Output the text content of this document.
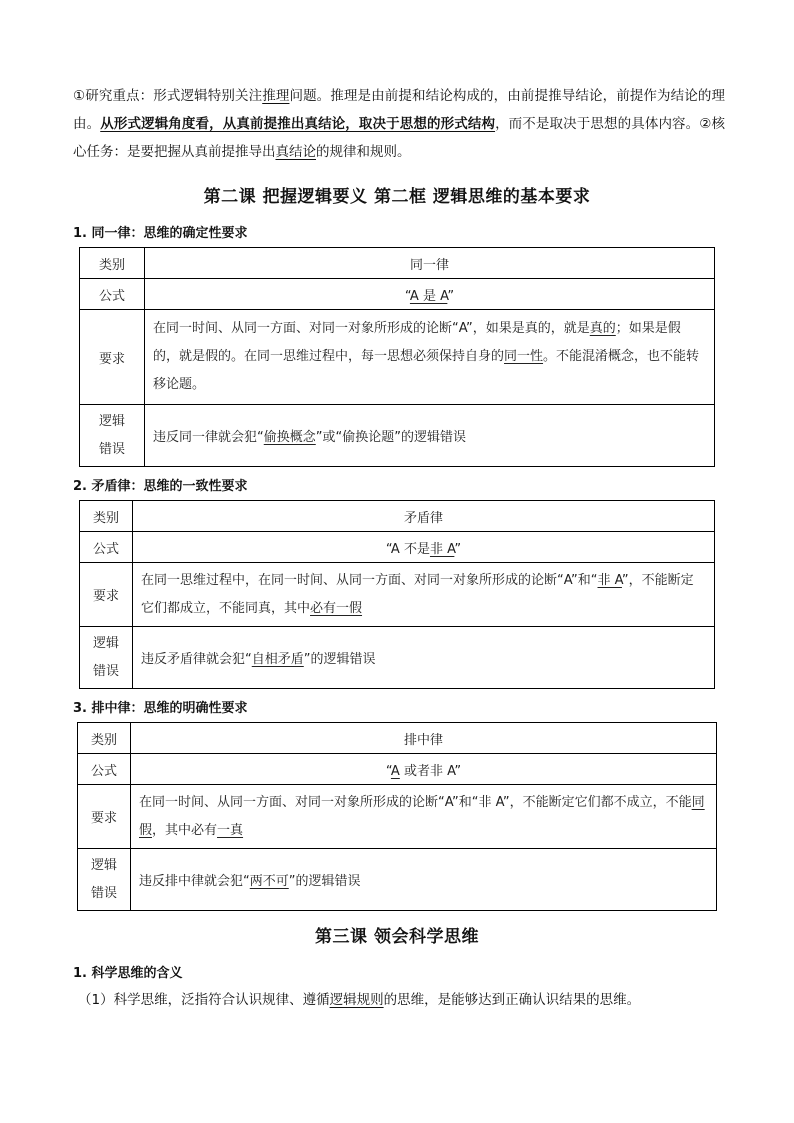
①研究重点：形式逻辑特别关注推理问题。推理是由前提和结论构成的，由前提推导结论，前提作为结论的理由。从形式逻辑角度看，从真前提推出真结论，取决于思想的形式结构，而不是取决于思想的具体内容。②核心任务：是要把握从真前提推导出真结论的规律和规则。
第二课 把握逻辑要义 第二框 逻辑思维的基本要求
1. 同一律：思维的确定性要求
类别	同一律
公式	“A 是 A”
要求	在同一时间、从同一方面、对同一对象所形成的论断“A”，如果是真的，就是真的；如果是假的，就是假的。在同一思维过程中，每一思想必须保持自身的同一性。不能混淆概念，也不能转移论题。
逻辑
错误	违反同一律就会犯“偷换概念”或“偷换论题”的逻辑错误
2. 矛盾律：思维的一致性要求
类别	矛盾律
公式	“A 不是非 A”
要求	在同一思维过程中，在同一时间、从同一方面、对同一对象所形成的论断“A”和“非 A”，不能断定它们都成立，不能同真，其中必有一假
逻辑
错误	违反矛盾律就会犯“自相矛盾”的逻辑错误
3. 排中律：思维的明确性要求
类别	排中律
公式	“A 或者非 A”
要求	在同一时间、从同一方面、对同一对象所形成的论断“A”和“非 A”，不能断定它们都不成立，不能同假，其中必有一真
逻辑
错误	违反排中律就会犯“两不可”的逻辑错误
第三课 领会科学思维
1. 科学思维的含义
（1）科学思维，泛指符合认识规律、遵循逻辑规则的思维，是能够达到正确认识结果的思维。
